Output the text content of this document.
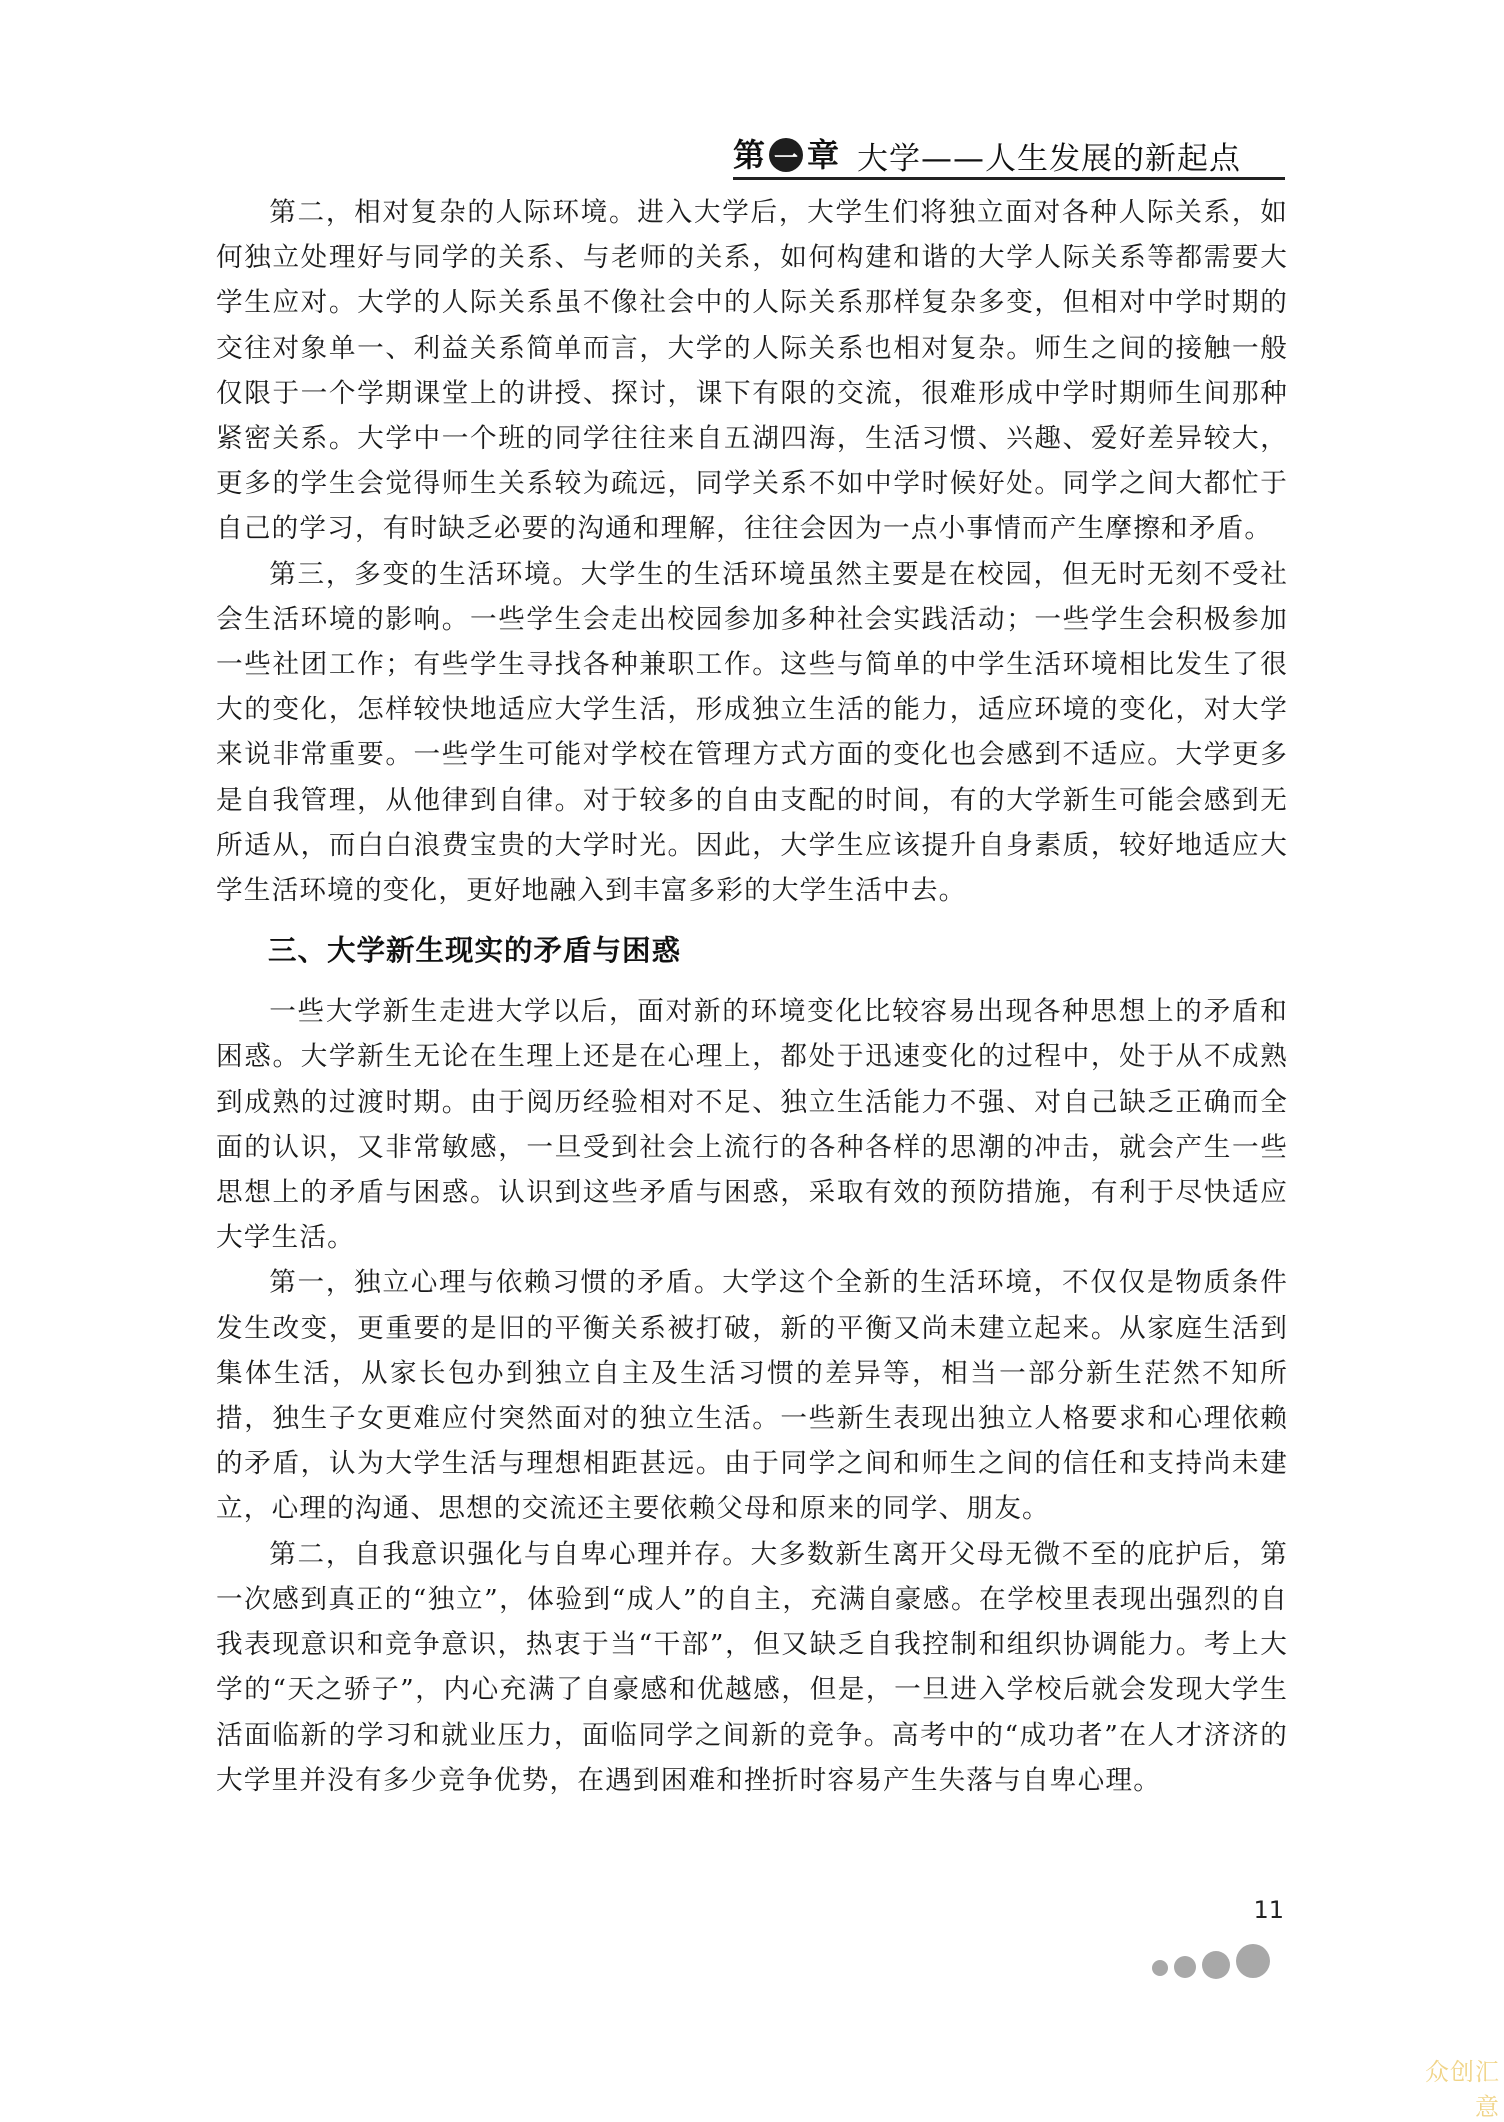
第 一 章 大学——人生发展的新起点

第二，相对复杂的人际环境。进入大学后，大学生们将独立面对各种人际关系，如何独立处理好与同学的关系、与老师的关系，如何构建和谐的大学人际关系等都需要大学生应对。大学的人际关系虽不像社会中的人际关系那样复杂多变，但相对中学时期的交往对象单一、利益关系简单而言，大学的人际关系也相对复杂。师生之间的接触一般仅限于一个学期课堂上的讲授、探讨，课下有限的交流，很难形成中学时期师生间那种紧密关系。大学中一个班的同学往往来自五湖四海，生活习惯、兴趣、爱好差异较大，更多的学生会觉得师生关系较为疏远，同学关系不如中学时候好处。同学之间大都忙于自己的学习，有时缺乏必要的沟通和理解，往往会因为一点小事情而产生摩擦和矛盾。

第三，多变的生活环境。大学生的生活环境虽然主要是在校园，但无时无刻不受社会生活环境的影响。一些学生会走出校园参加多种社会实践活动；一些学生会积极参加一些社团工作；有些学生寻找各种兼职工作。这些与简单的中学生活环境相比发生了很大的变化，怎样较快地适应大学生活，形成独立生活的能力，适应环境的变化，对大学来说非常重要。一些学生可能对学校在管理方式方面的变化也会感到不适应。大学更多是自我管理，从他律到自律。对于较多的自由支配的时间，有的大学新生可能会感到无所适从，而白白浪费宝贵的大学时光。因此，大学生应该提升自身素质，较好地适应大学生活环境的变化，更好地融入到丰富多彩的大学生活中去。

三、大学新生现实的矛盾与困惑

一些大学新生走进大学以后，面对新的环境变化比较容易出现各种思想上的矛盾和困惑。大学新生无论在生理上还是在心理上，都处于迅速变化的过程中，处于从不成熟到成熟的过渡时期。由于阅历经验相对不足、独立生活能力不强、对自己缺乏正确而全面的认识，又非常敏感，一旦受到社会上流行的各种各样的思潮的冲击，就会产生一些思想上的矛盾与困惑。认识到这些矛盾与困惑，采取有效的预防措施，有利于尽快适应大学生活。

第一，独立心理与依赖习惯的矛盾。大学这个全新的生活环境，不仅仅是物质条件发生改变，更重要的是旧的平衡关系被打破，新的平衡又尚未建立起来。从家庭生活到集体生活，从家长包办到独立自主及生活习惯的差异等，相当一部分新生茫然不知所措，独生子女更难应付突然面对的独立生活。一些新生表现出独立人格要求和心理依赖的矛盾，认为大学生活与理想相距甚远。由于同学之间和师生之间的信任和支持尚未建立，心理的沟通、思想的交流还主要依赖父母和原来的同学、朋友。

第二，自我意识强化与自卑心理并存。大多数新生离开父母无微不至的庇护后，第一次感到真正的“独立”，体验到“成人”的自主，充满自豪感。在学校里表现出强烈的自我表现意识和竞争意识，热衷于当“干部”，但又缺乏自我控制和组织协调能力。考上大学的“天之骄子”，内心充满了自豪感和优越感，但是，一旦进入学校后就会发现大学生活面临新的学习和就业压力，面临同学之间新的竞争。高考中的“成功者”在人才济济的大学里并没有多少竞争优势，在遇到困难和挫折时容易产生失落与自卑心理。

11
众创汇意
